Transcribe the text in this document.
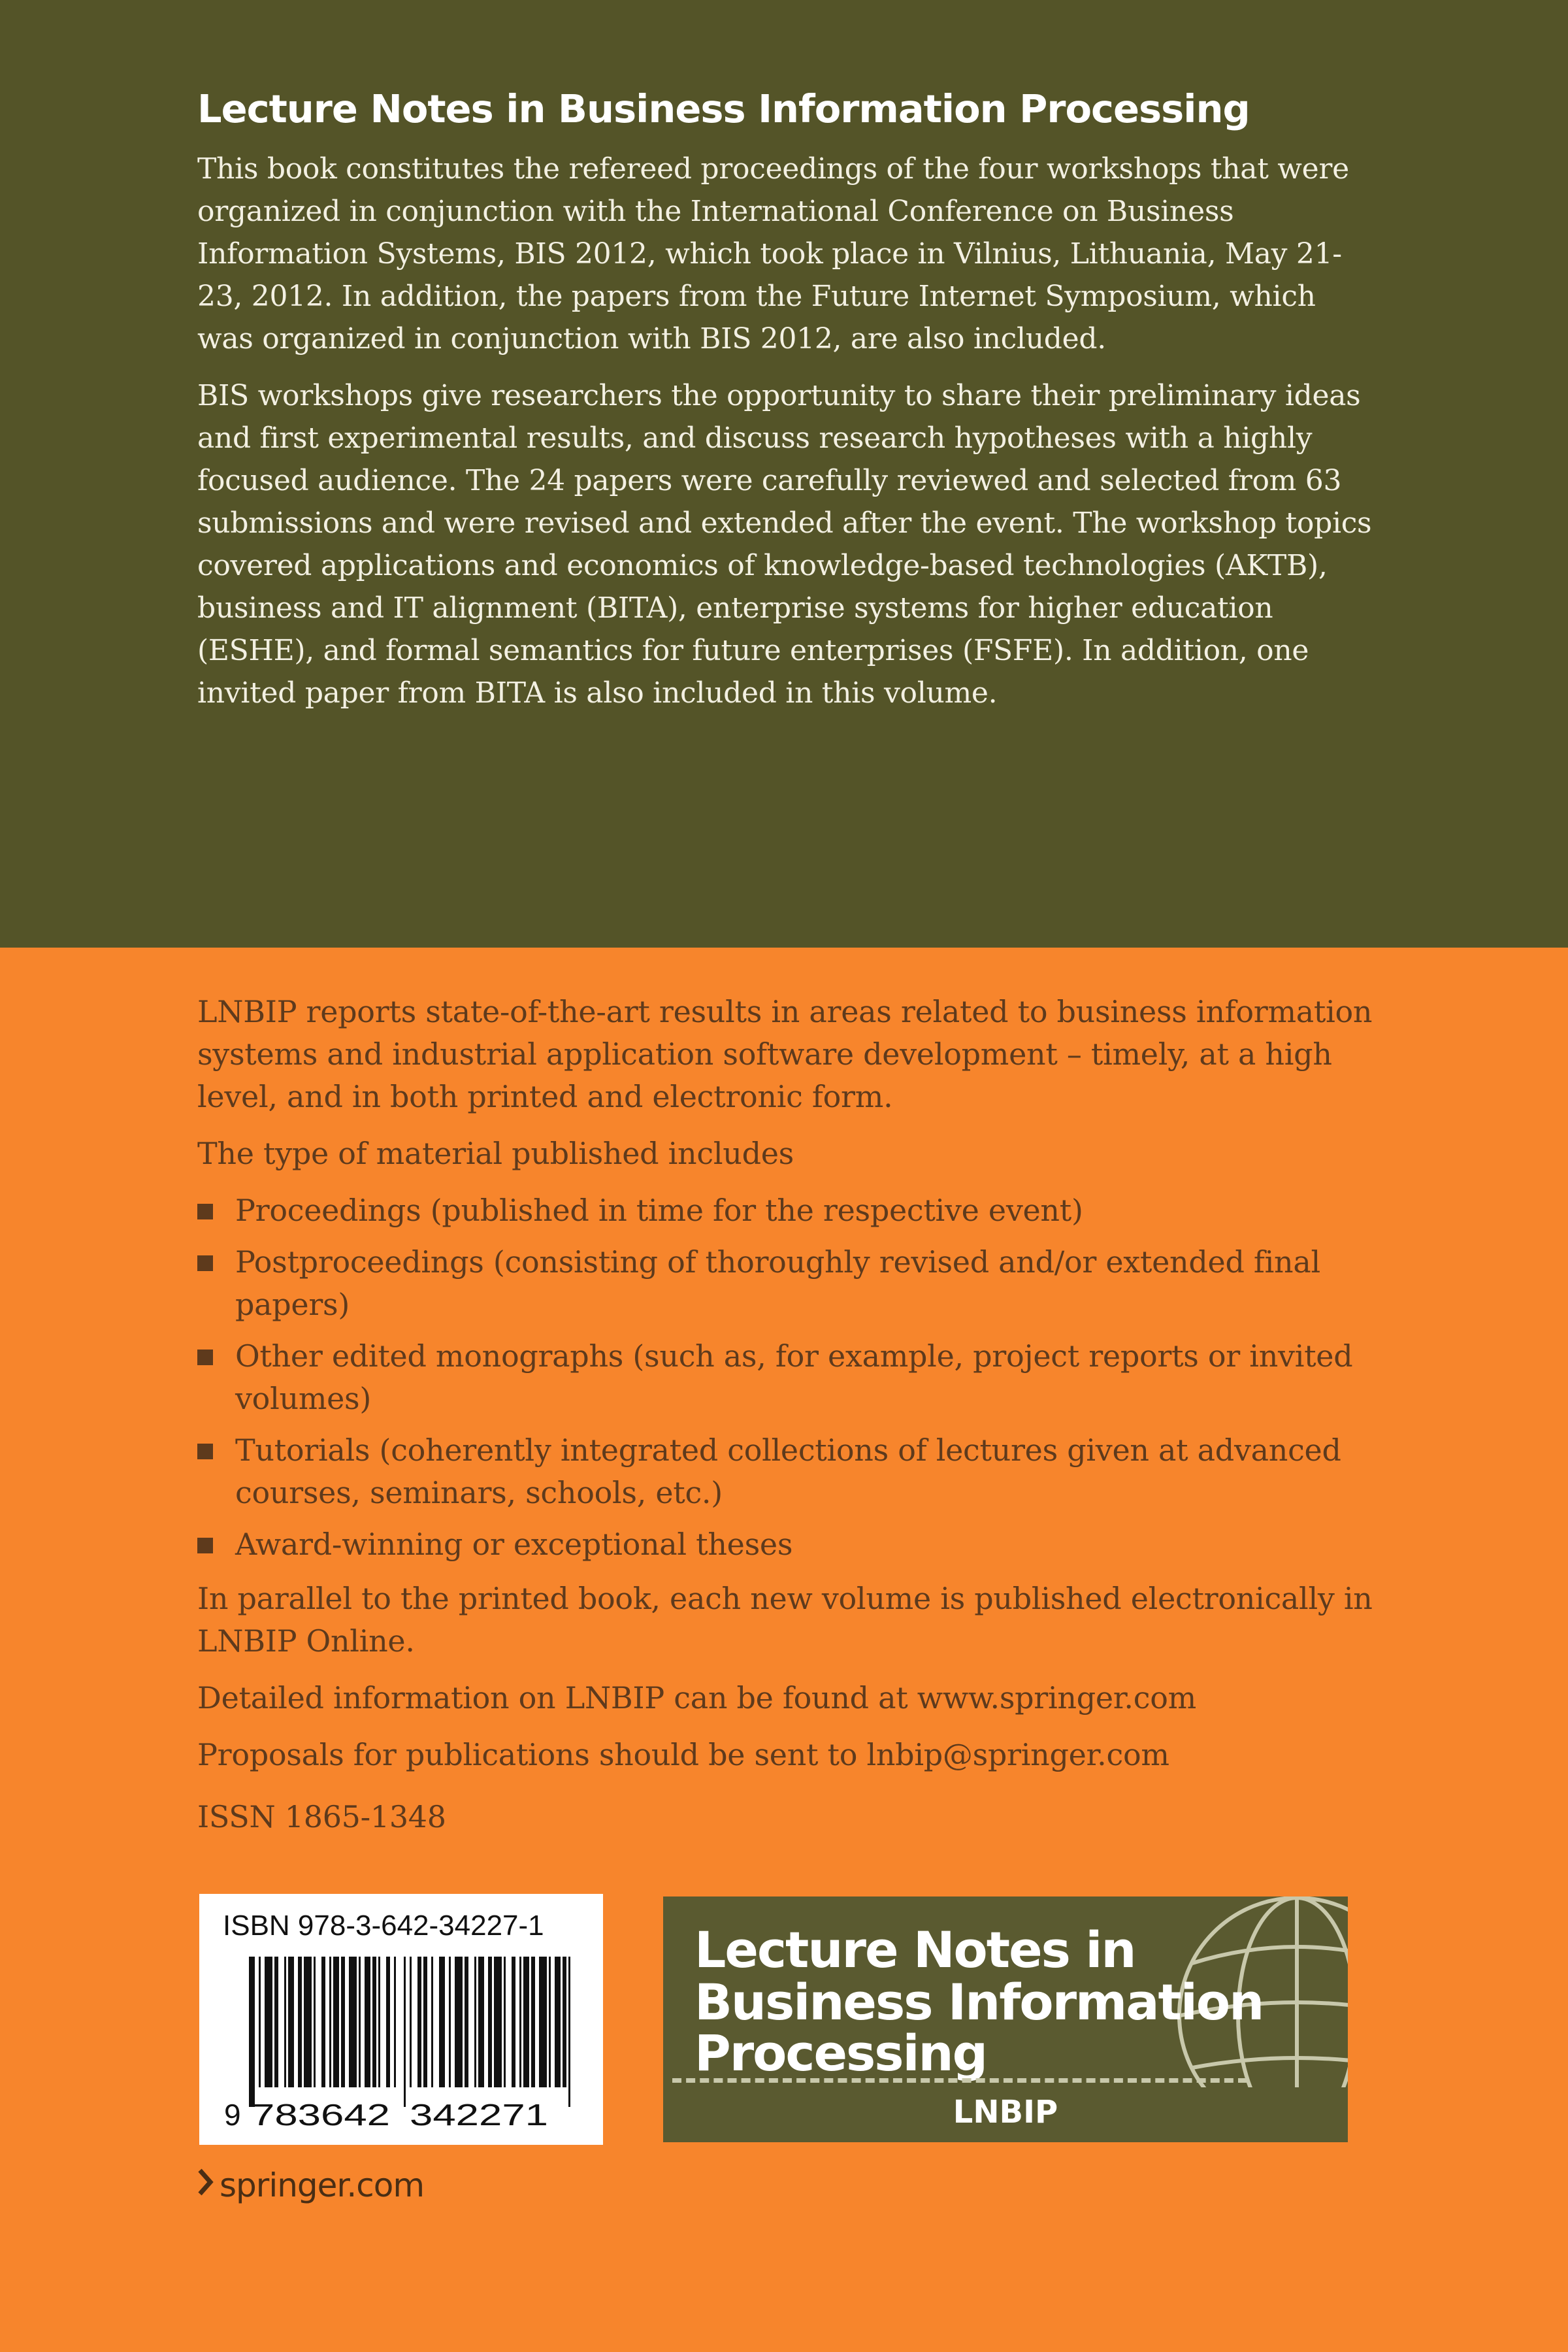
Lecture Notes in Business Information Processing

This book constitutes the refereed proceedings of the four workshops that were organized in conjunction with the International Conference on Business Information Systems, BIS 2012, which took place in Vilnius, Lithuania, May 21-23, 2012. In addition, the papers from the Future Internet Symposium, which was organized in conjunction with BIS 2012, are also included.

BIS workshops give researchers the opportunity to share their preliminary ideas and first experimental results, and discuss research hypotheses with a highly focused audience. The 24 papers were carefully reviewed and selected from 63 submissions and were revised and extended after the event. The workshop topics covered applications and economics of knowledge-based technologies (AKTB), business and IT alignment (BITA), enterprise systems for higher education (ESHE), and formal semantics for future enterprises (FSFE). In addition, one invited paper from BITA is also included in this volume.

LNBIP reports state-of-the-art results in areas related to business information systems and industrial application software development – timely, at a high level, and in both printed and electronic form.

The type of material published includes

Proceedings (published in time for the respective event)
Postproceedings (consisting of thoroughly revised and/or extended final papers)
Other edited monographs (such as, for example, project reports or invited volumes)
Tutorials (coherently integrated collections of lectures given at advanced courses, seminars, schools, etc.)
Award-winning or exceptional theses

In parallel to the printed book, each new volume is published electronically in LNBIP Online.

Detailed information on LNBIP can be found at www.springer.com

Proposals for publications should be sent to lnbip@springer.com

ISSN 1865-1348

ISBN 978-3-642-34227-1
9 783642 342271
Lecture Notes in
Business Information
Processing
LNBIP
springer.com
